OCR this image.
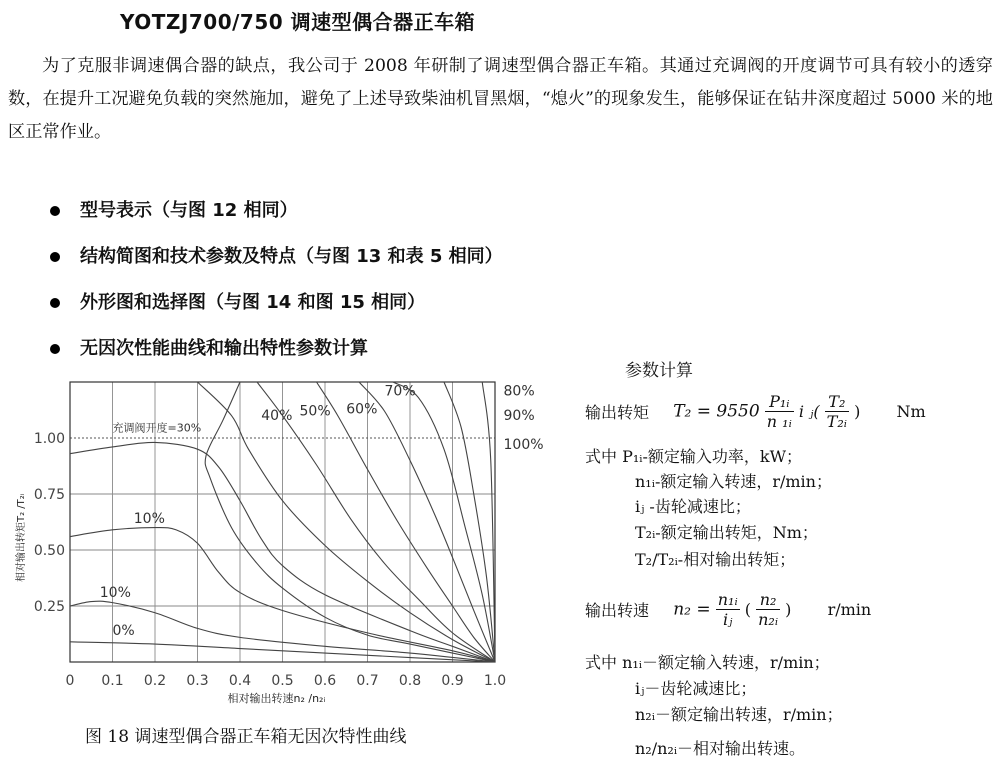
YOTZJ700/750 调速型偶合器正车箱
为了克服非调速偶合器的缺点，我公司于 2008 年研制了调速型偶合器正车箱。其通过充调阀的开度调节可具有较小的透穿数，在提升工况避免负载的突然施加，避免了上述导致柴油机冒黑烟，“熄火”的现象发生，能够保证在钻井深度超过 5000 米的地区正常作业。
型号表示（与图 12 相同）
结构简图和技术参数及特点（与图 13 和表 5 相同）
外形图和选择图（与图 14 和图 15 相同）
无因次性能曲线和输出特性参数计算
0 0.1 0.2 0.3 0.4 0.5 0.6 0.7 0.8 0.9 1.0
0.25
0.50
0.75
1.00
相对输出转速n₂ /n₂ᵢ
相对输出转矩T₂ /T₂ᵢ
充调阀开度=30%
10%
10%
0%
40% 50% 60%
70%	80%
90%
100%
图 18 调速型偶合器正车箱无因次特性曲线
参数计算
输出转矩 $T_2 = 9550 \frac{\text{P₁ᵢ}}{\text{n ₁ᵢ}}$ i ⱼ( $\frac{\text{T₂}}{\text{T₂ᵢ}}$ ) Nm
式中 P₁ᵢ-额定输入功率，kW；
n₁ᵢ-额定输入转速，r/min；
iⱼ -齿轮减速比；
T₂ᵢ-额定输出转矩，Nm；
T₂/T₂ᵢ-相对输出转矩；
输出转速 $n_2 = \frac{\text{n₁ᵢ}}{\text{iⱼ}}$ ( $\frac{\text{n₂}}{\text{n₂ᵢ}}$ ) r/min
式中 n₁ᵢ－额定输入转速，r/min；
iⱼ－齿轮减速比；
n₂ᵢ－额定输出转速，r/min；
n₂/n₂ᵢ－相对输出转速。
